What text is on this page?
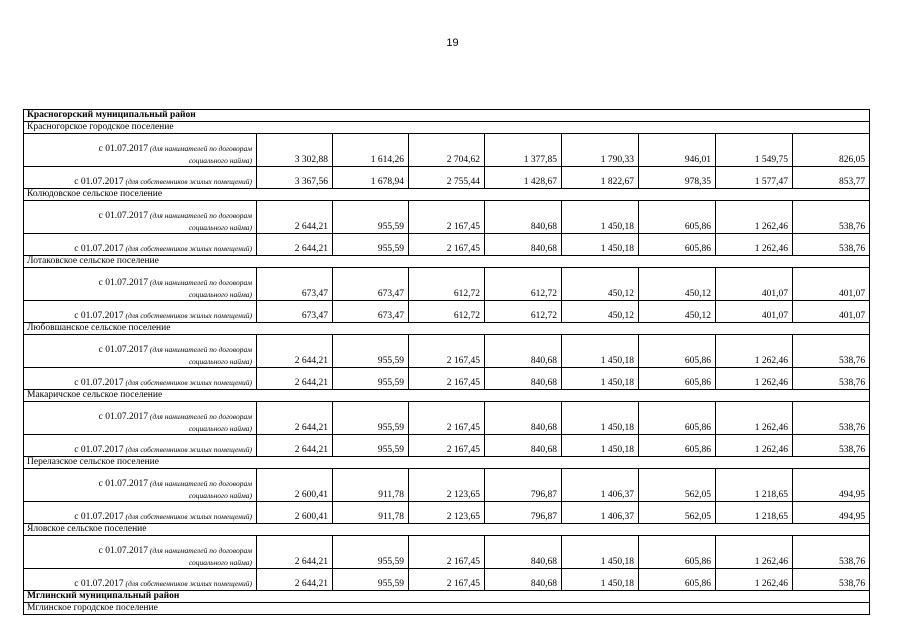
19
Красногорский муниципальный район								
Красногорское городское поселение								

с 01.07.2017 (для нанимателей по договорам
социального найма)	3 302,88	1 614,26	2 704,62	1 377,85	1 790,33	946,01	1 549,75	826,05
с 01.07.2017 (для собственников жилых помещений)	3 367,56	1 678,94	2 755,44	1 428,67	1 822,67	978,35	1 577,47	853,77
Колюдовское сельское поселение								

с 01.07.2017 (для нанимателей по договорам
социального найма)	2 644,21	955,59	2 167,45	840,68	1 450,18	605,86	1 262,46	538,76
с 01.07.2017 (для собственников жилых помещений)	2 644,21	955,59	2 167,45	840,68	1 450,18	605,86	1 262,46	538,76
Лотаковское сельское поселение								

с 01.07.2017 (для нанимателей по договорам
социального найма)	673,47	673,47	612,72	612,72	450,12	450,12	401,07	401,07
с 01.07.2017 (для собственников жилых помещений)	673,47	673,47	612,72	612,72	450,12	450,12	401,07	401,07
Любовшанское сельское поселение								

с 01.07.2017 (для нанимателей по договорам
социального найма)	2 644,21	955,59	2 167,45	840,68	1 450,18	605,86	1 262,46	538,76
с 01.07.2017 (для собственников жилых помещений)	2 644,21	955,59	2 167,45	840,68	1 450,18	605,86	1 262,46	538,76
Макаричское сельское поселение								

с 01.07.2017 (для нанимателей по договорам
социального найма)	2 644,21	955,59	2 167,45	840,68	1 450,18	605,86	1 262,46	538,76
с 01.07.2017 (для собственников жилых помещений)	2 644,21	955,59	2 167,45	840,68	1 450,18	605,86	1 262,46	538,76
Перелазское сельское поселение								

с 01.07.2017 (для нанимателей по договорам
социального найма)	2 600,41	911,78	2 123,65	796,87	1 406,37	562,05	1 218,65	494,95
с 01.07.2017 (для собственников жилых помещений)	2 600,41	911,78	2 123,65	796,87	1 406,37	562,05	1 218,65	494,95
Яловское сельское поселение								

с 01.07.2017 (для нанимателей по договорам
социального найма)	2 644,21	955,59	2 167,45	840,68	1 450,18	605,86	1 262,46	538,76
с 01.07.2017 (для собственников жилых помещений)	2 644,21	955,59	2 167,45	840,68	1 450,18	605,86	1 262,46	538,76
Мглинский муниципальный район								
Мглинское городское поселение								
